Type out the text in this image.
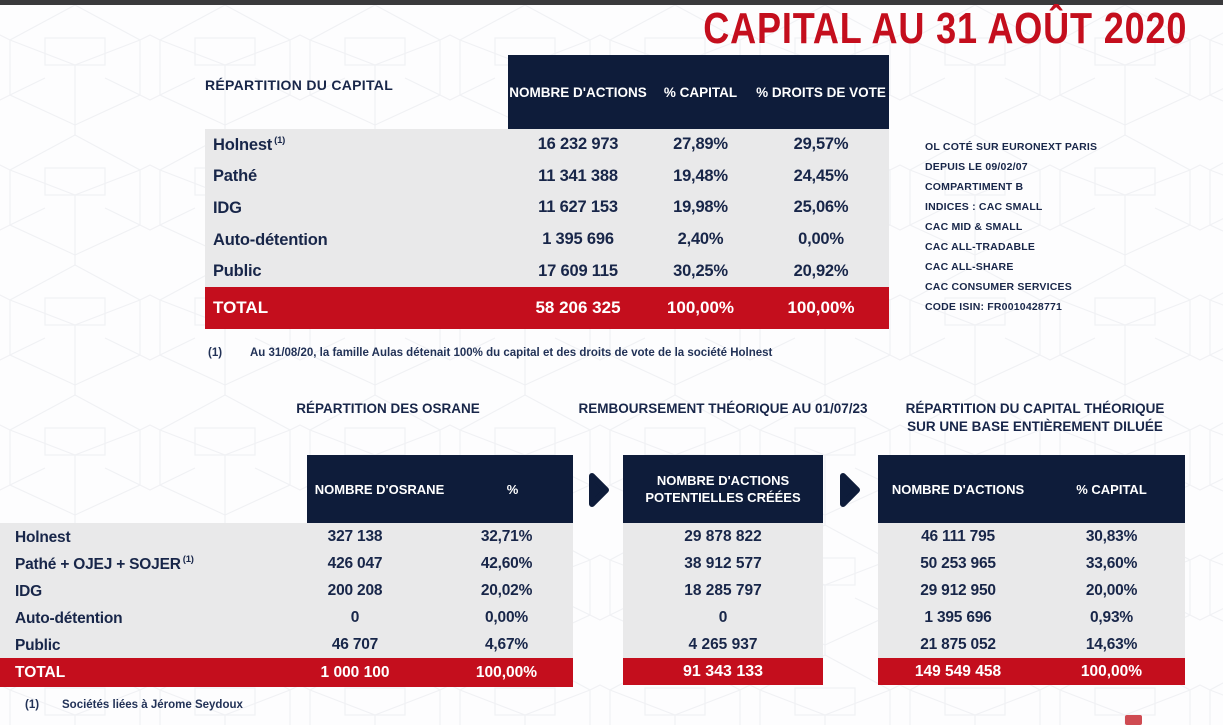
CAPITAL AU 31 AOÛT 2020
RÉPARTITION DU CAPITAL	NOMBRE D'ACTIONS	% CAPITAL	% DROITS DE VOTE
Holnest $^{(1)}$	16 232 973	27,89%	29,57%
Pathé	11 341 388	19,48%	24,45%
IDG	11 627 153	19,98%	25,06%
Auto-détention	1 395 696	2,40%	0,00%
Public	17 609 115	30,25%	20,92%
TOTAL	58 206 325	100,00%	100,00%
(1) Au 31/08/20, la famille Aulas détenait 100% du capital et des droits de vote de la société Holnest
OL COTÉ SUR EURONEXT PARIS
DEPUIS LE 09/02/07
COMPARTIMENT B
INDICES : CAC SMALL
CAC MID & SMALL
CAC ALL-TRADABLE
CAC ALL-SHARE
CAC CONSUMER SERVICES
CODE ISIN: FR0010428771
RÉPARTITION DES OSRANE	REMBOURSEMENT THÉORIQUE AU 01/07/23	RÉPARTITION DU CAPITAL THÉORIQUE
SUR UNE BASE ENTIÈREMENT DILUÉE
NOMBRE D'OSRANE	%
NOMBRE D'ACTIONS
POTENTIELLES CRÉÉES
NOMBRE D'ACTIONS	% CAPITAL
Holnest	327 138	32,71%
Pathé + OJEJ + SOJER $^{(1)}$	426 047	42,60%
IDG	200 208	20,02%
Auto-détention	0	0,00%
Public	46 707	4,67%
TOTAL	1 000 100	100,00%
29 878 822
38 912 577
18 285 797
0
4 265 937
91 343 133
46 111 795	30,83%
50 253 965	33,60%
29 912 950	20,00%
1 395 696	0,93%
21 875 052	14,63%
149 549 458	100,00%
(1) Sociétés liées à Jérome Seydoux
